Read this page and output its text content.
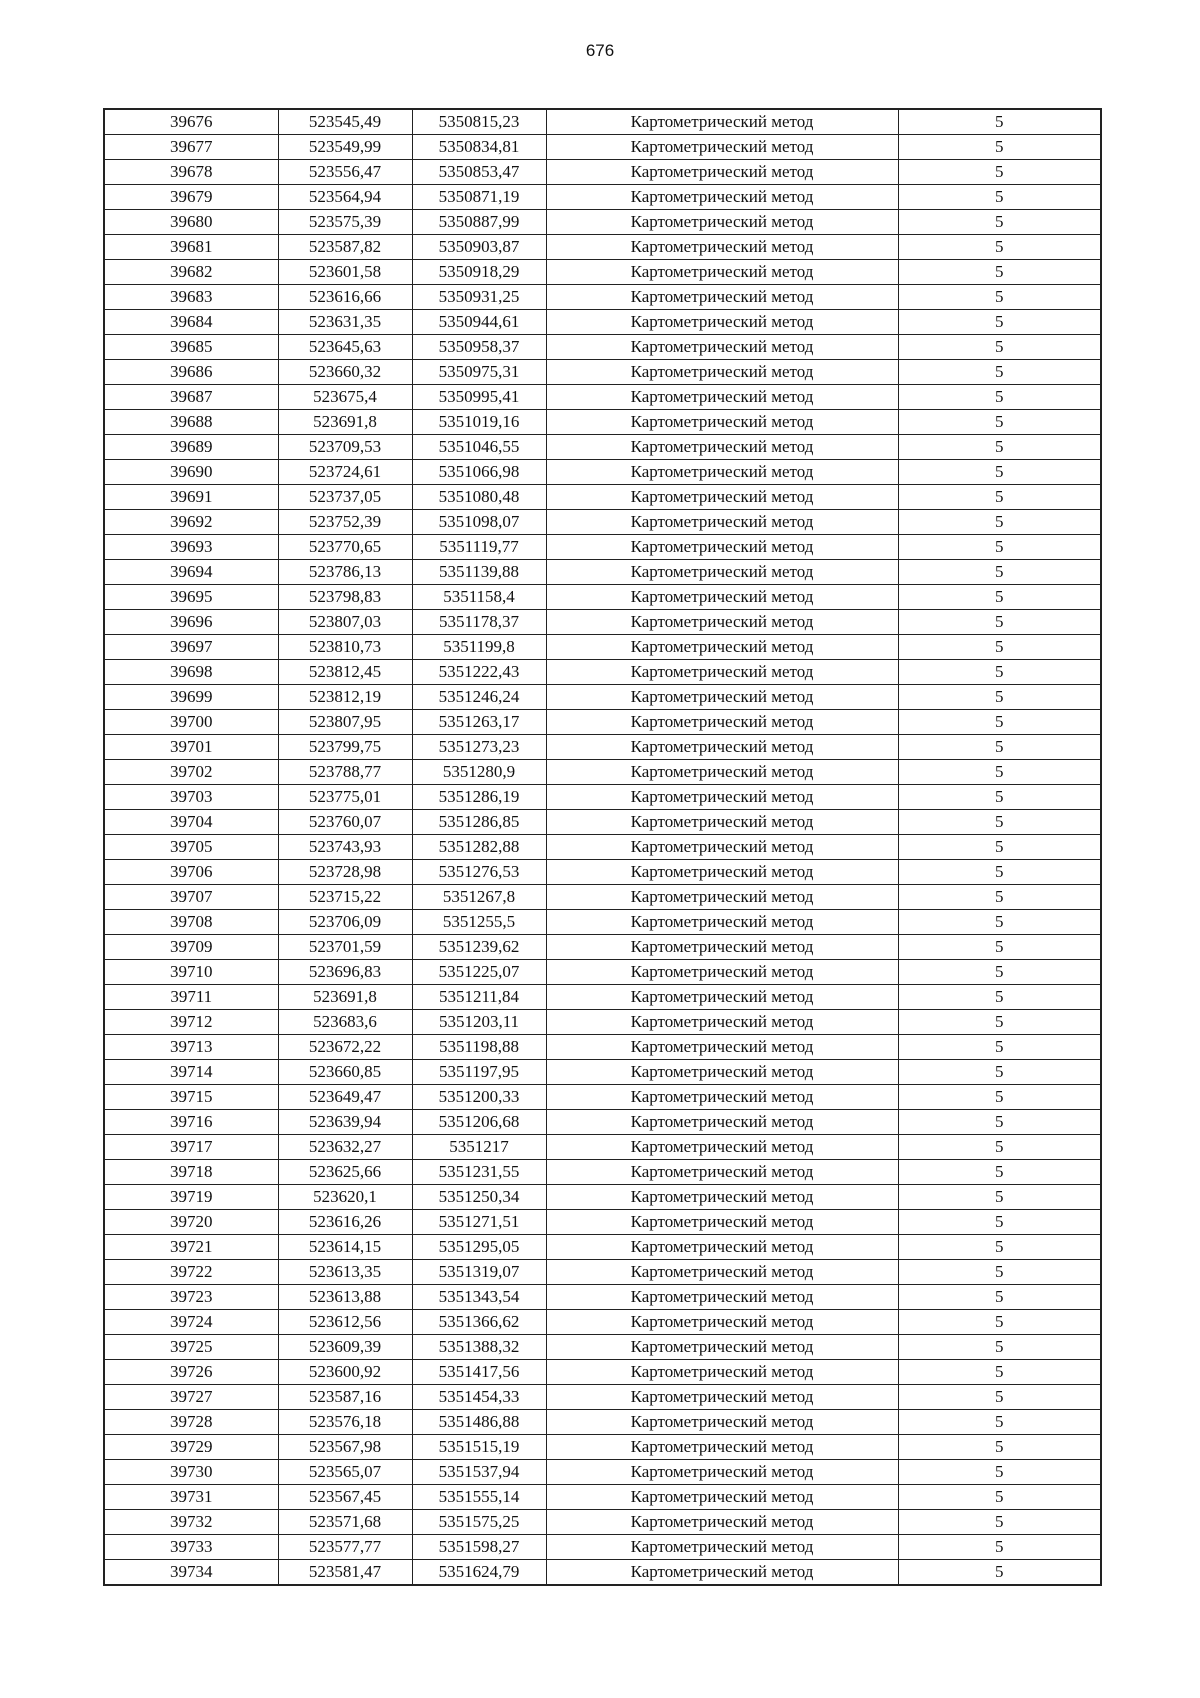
676
39676	523545,49	5350815,23	Картометрический метод	5
39677	523549,99	5350834,81	Картометрический метод	5
39678	523556,47	5350853,47	Картометрический метод	5
39679	523564,94	5350871,19	Картометрический метод	5
39680	523575,39	5350887,99	Картометрический метод	5
39681	523587,82	5350903,87	Картометрический метод	5
39682	523601,58	5350918,29	Картометрический метод	5
39683	523616,66	5350931,25	Картометрический метод	5
39684	523631,35	5350944,61	Картометрический метод	5
39685	523645,63	5350958,37	Картометрический метод	5
39686	523660,32	5350975,31	Картометрический метод	5
39687	523675,4	5350995,41	Картометрический метод	5
39688	523691,8	5351019,16	Картометрический метод	5
39689	523709,53	5351046,55	Картометрический метод	5
39690	523724,61	5351066,98	Картометрический метод	5
39691	523737,05	5351080,48	Картометрический метод	5
39692	523752,39	5351098,07	Картометрический метод	5
39693	523770,65	5351119,77	Картометрический метод	5
39694	523786,13	5351139,88	Картометрический метод	5
39695	523798,83	5351158,4	Картометрический метод	5
39696	523807,03	5351178,37	Картометрический метод	5
39697	523810,73	5351199,8	Картометрический метод	5
39698	523812,45	5351222,43	Картометрический метод	5
39699	523812,19	5351246,24	Картометрический метод	5
39700	523807,95	5351263,17	Картометрический метод	5
39701	523799,75	5351273,23	Картометрический метод	5
39702	523788,77	5351280,9	Картометрический метод	5
39703	523775,01	5351286,19	Картометрический метод	5
39704	523760,07	5351286,85	Картометрический метод	5
39705	523743,93	5351282,88	Картометрический метод	5
39706	523728,98	5351276,53	Картометрический метод	5
39707	523715,22	5351267,8	Картометрический метод	5
39708	523706,09	5351255,5	Картометрический метод	5
39709	523701,59	5351239,62	Картометрический метод	5
39710	523696,83	5351225,07	Картометрический метод	5
39711	523691,8	5351211,84	Картометрический метод	5
39712	523683,6	5351203,11	Картометрический метод	5
39713	523672,22	5351198,88	Картометрический метод	5
39714	523660,85	5351197,95	Картометрический метод	5
39715	523649,47	5351200,33	Картометрический метод	5
39716	523639,94	5351206,68	Картометрический метод	5
39717	523632,27	5351217	Картометрический метод	5
39718	523625,66	5351231,55	Картометрический метод	5
39719	523620,1	5351250,34	Картометрический метод	5
39720	523616,26	5351271,51	Картометрический метод	5
39721	523614,15	5351295,05	Картометрический метод	5
39722	523613,35	5351319,07	Картометрический метод	5
39723	523613,88	5351343,54	Картометрический метод	5
39724	523612,56	5351366,62	Картометрический метод	5
39725	523609,39	5351388,32	Картометрический метод	5
39726	523600,92	5351417,56	Картометрический метод	5
39727	523587,16	5351454,33	Картометрический метод	5
39728	523576,18	5351486,88	Картометрический метод	5
39729	523567,98	5351515,19	Картометрический метод	5
39730	523565,07	5351537,94	Картометрический метод	5
39731	523567,45	5351555,14	Картометрический метод	5
39732	523571,68	5351575,25	Картометрический метод	5
39733	523577,77	5351598,27	Картометрический метод	5
39734	523581,47	5351624,79	Картометрический метод	5
